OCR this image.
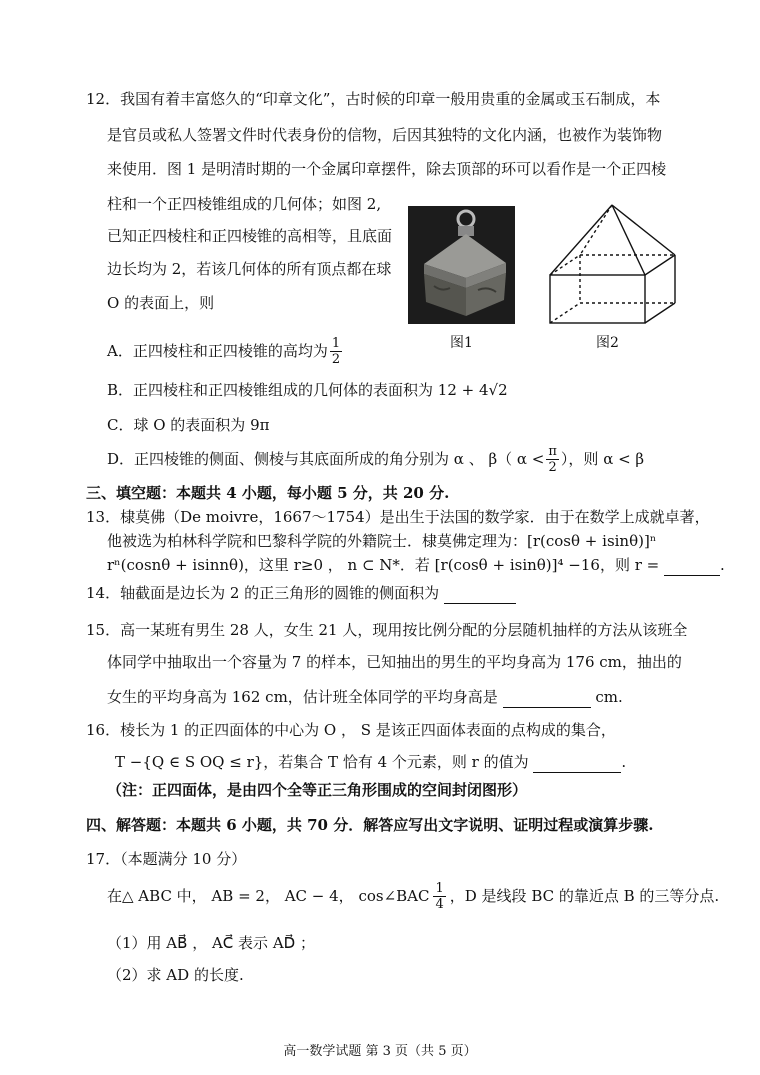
12．我国有着丰富悠久的“印章文化”，古时候的印章一般用贵重的金属或玉石制成，本
是官员或私人签署文件时代表身份的信物，后因其独特的文化内涵，也被作为装饰物
来使用．图 1 是明清时期的一个金属印章摆件，除去顶部的环可以看作是一个正四棱
柱和一个正四棱锥组成的几何体；如图 2,
已知正四棱柱和正四棱锥的高相等，且底面
边长均为 2，若该几何体的所有顶点都在球
O 的表面上，则
图1	图2
A．正四棱柱和正四棱锥的高均为 $\frac{1}{2}$
B．正四棱柱和正四棱锥组成的几何体的表面积为 12 + 4√2
C．球 O 的表面积为 9π
D．正四棱锥的侧面、侧棱与其底面所成的角分别为 α 、 β（ $\alpha < \frac{\pi}{2}$ ），则 α < β
三、填空题：本题共 4 小题，每小题 5 分，共 20 分.
13．棣莫佛（De moivre，1667～1754）是出生于法国的数学家．由于在数学上成就卓著，
他被选为柏林科学院和巴黎科学院的外籍院士．棣莫佛定理为：[r(cosθ + isinθ)]ⁿ
rⁿ(cosnθ + isinnθ)，这里 r≥0 ， n ⊂ N*．若 [r(cosθ + isinθ)]⁴ −16，则 r =	.
14．轴截面是边长为 2 的正三角形的圆锥的侧面积为
15．高一某班有男生 28 人，女生 21 人，现用按比例分配的分层随机抽样的方法从该班全
体同学中抽取出一个容量为 7 的样本，已知抽出的男生的平均身高为 176 cm，抽出的
女生的平均身高为 162 cm，估计班全体同学的平均身高是	cm.
16．棱长为 1 的正四面体的中心为 O ， S 是该正四面体表面的点构成的集合，
T −{Q ∈ S OQ ≤ r}，若集合 T 恰有 4 个元素，则 r 的值为	.
（注：正四面体，是由四个全等正三角形围成的空间封闭图形）
四、解答题：本题共 6 小题，共 70 分．解答应写出文字说明、证明过程或演算步骤.
17．（本题满分 10 分）
在△ ABC 中， AB = 2， AC − 4， cos∠BAC $\frac{1}{4}$ ，D 是线段 BC 的靠近点 B 的三等分点.
（1）用 AB⃗ ， AC⃗ 表示 AD⃗ ；
（2）求 AD 的长度.
高一数学试题 第 3 页（共 5 页）
